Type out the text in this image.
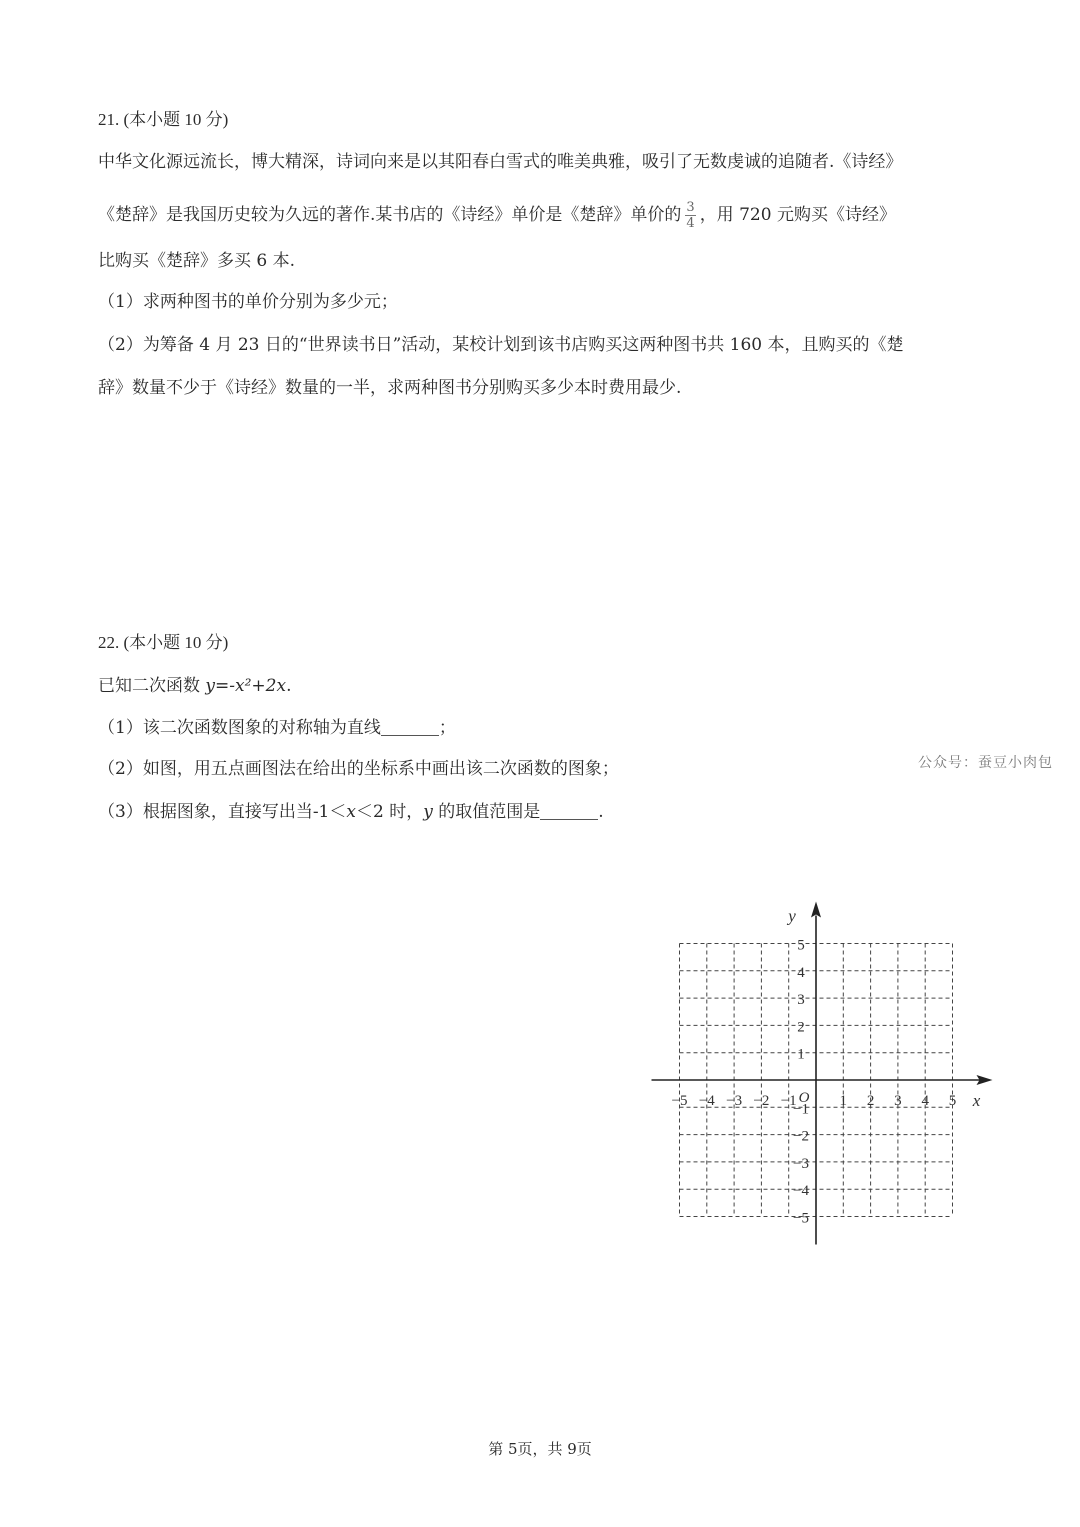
21. (本小题 10 分)
中华文化源远流长，博大精深，诗词向来是以其阳春白雪式的唯美典雅，吸引了无数虔诚的追随者.《诗经》
《楚辞》是我国历史较为久远的著作.某书店的《诗经》单价是《楚辞》单价的 $\frac{3}{4}$ ，用 720 元购买《诗经》
比购买《楚辞》多买 6 本.
（1）求两种图书的单价分别为多少元；
（2）为筹备 4 月 23 日的“世界读书日”活动，某校计划到该书店购买这两种图书共 160 本，且购买的《楚
辞》数量不少于《诗经》数量的一半，求两种图书分别购买多少本时费用最少.
22. (本小题 10 分)
已知二次函数 y=-x²+2x.
（1）该二次函数图象的对称轴为直线	；
（2）如图，用五点画图法在给出的坐标系中画出该二次函数的图象；
（3）根据图象，直接写出当-1＜x＜2 时，y 的取值范围是	.
公众号：蚕豆小肉包
−5 −4 −3 −2 −1	1 2 3 4 5
5
4
3
2
1
−1
−2
−3
−4
−5
O	x
y
第 5页，共 9页
